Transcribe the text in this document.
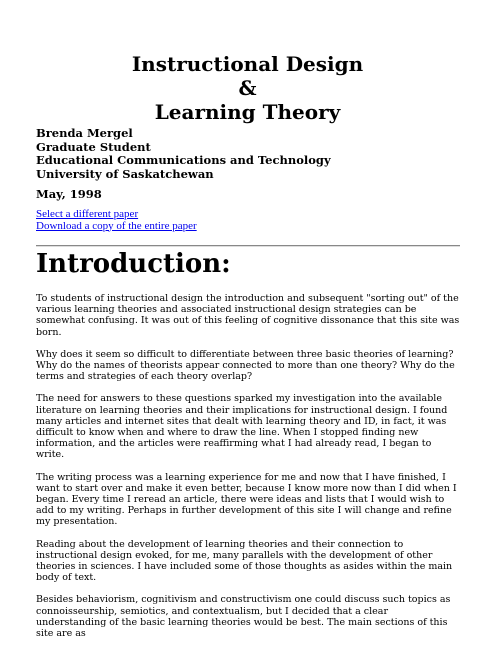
Instructional Design
&
Learning Theory
Brenda Mergel
Graduate Student
Educational Communications and Technology
University of Saskatchewan
May, 1998
Select a different paper
Download a copy of the entire paper
Introduction:

To students of instructional design the introduction and subsequent "sorting out" of the various learning theories and associated instructional design strategies can be somewhat confusing. It was out of this feeling of cognitive dissonance that this site was born.

Why does it seem so difficult to differentiate between three basic theories of learning? Why do the names of theorists appear connected to more than one theory? Why do the terms and strategies of each theory overlap?

The need for answers to these questions sparked my investigation into the available literature on learning theories and their implications for instructional design. I found many articles and internet sites that dealt with learning theory and ID, in fact, it was difficult to know when and where to draw the line. When I stopped finding new information, and the articles were reaffirming what I had already read, I began to write.

The writing process was a learning experience for me and now that I have finished, I want to start over and make it even better, because I know more now than I did when I began. Every time I reread an article, there were ideas and lists that I would wish to add to my writing. Perhaps in further development of this site I will change and refine my presentation.

Reading about the development of learning theories and their connection to instructional design evoked, for me, many parallels with the development of other theories in sciences. I have included some of those thoughts as asides within the main body of text.

Besides behaviorism, cognitivism and constructivism one could discuss such topics as connoisseurship, semiotics, and contextualism, but I decided that a clear understanding of the basic learning theories would be best. The main sections of this site are as
